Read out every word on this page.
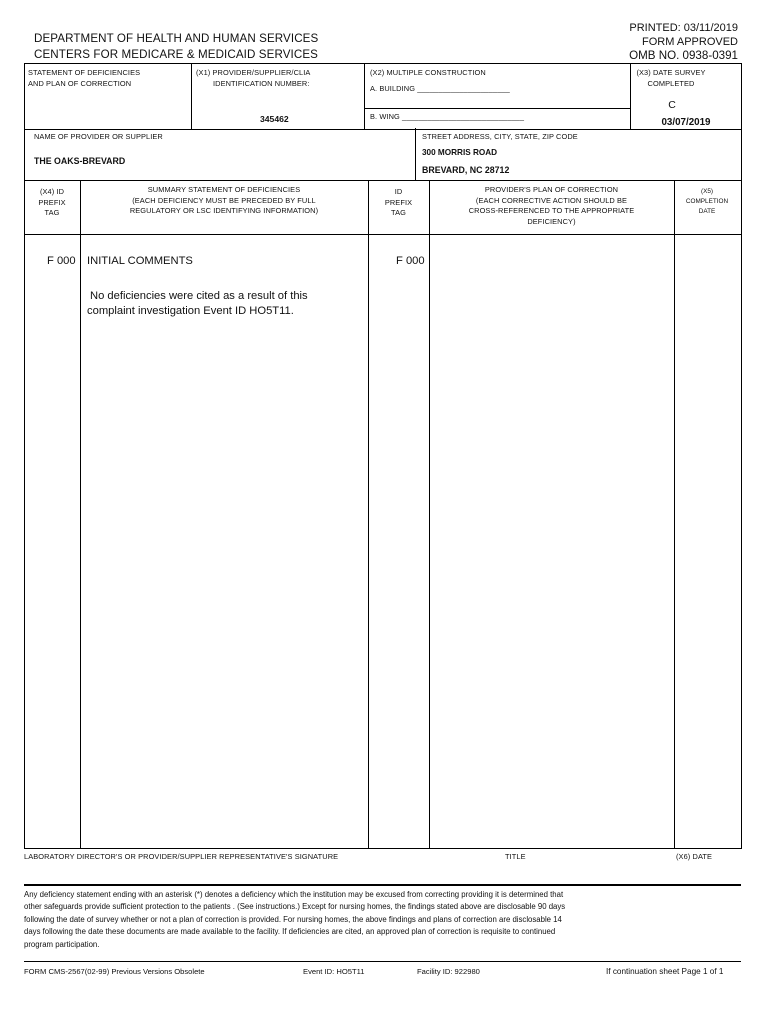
DEPARTMENT OF HEALTH AND HUMAN SERVICES
CENTERS FOR MEDICARE & MEDICAID SERVICES
PRINTED: 03/11/2019
FORM APPROVED
OMB NO. 0938-0391
STATEMENT OF DEFICIENCIES
AND PLAN OF CORRECTION
(X1) PROVIDER/SUPPLIER/CLIA
IDENTIFICATION NUMBER:
345462
(X2) MULTIPLE CONSTRUCTION
A. BUILDING ______________________
B. WING _____________________________
(X3) DATE SURVEY
COMPLETED
C
03/07/2019
NAME OF PROVIDER OR SUPPLIER
THE OAKS-BREVARD
STREET ADDRESS, CITY, STATE, ZIP CODE
300 MORRIS ROAD
BREVARD, NC 28712
(X4) ID
PREFIX
TAG
SUMMARY STATEMENT OF DEFICIENCIES
(EACH DEFICIENCY MUST BE PRECEDED BY FULL
REGULATORY OR LSC IDENTIFYING INFORMATION)
ID
PREFIX
TAG
PROVIDER'S PLAN OF CORRECTION
(EACH CORRECTIVE ACTION SHOULD BE
CROSS-REFERENCED TO THE APPROPRIATE
DEFICIENCY)
(X5)
COMPLETION
DATE
F 000 INITIAL COMMENTS
No deficiencies were cited as a result of this
complaint investigation Event ID HO5T11.
F 000
LABORATORY DIRECTOR'S OR PROVIDER/SUPPLIER REPRESENTATIVE'S SIGNATURE	TITLE	(X6) DATE
Any deficiency statement ending with an asterisk (*) denotes a deficiency which the institution may be excused from correcting providing it is determined that
other safeguards provide sufficient protection to the patients . (See instructions.) Except for nursing homes, the findings stated above are disclosable 90 days
following the date of survey whether or not a plan of correction is provided. For nursing homes, the above findings and plans of correction are disclosable 14
days following the date these documents are made available to the facility. If deficiencies are cited, an approved plan of correction is requisite to continued
program participation.
FORM CMS-2567(02-99) Previous Versions Obsolete	Event ID: HO5T11	Facility ID: 922980	If continuation sheet Page 1 of 1
